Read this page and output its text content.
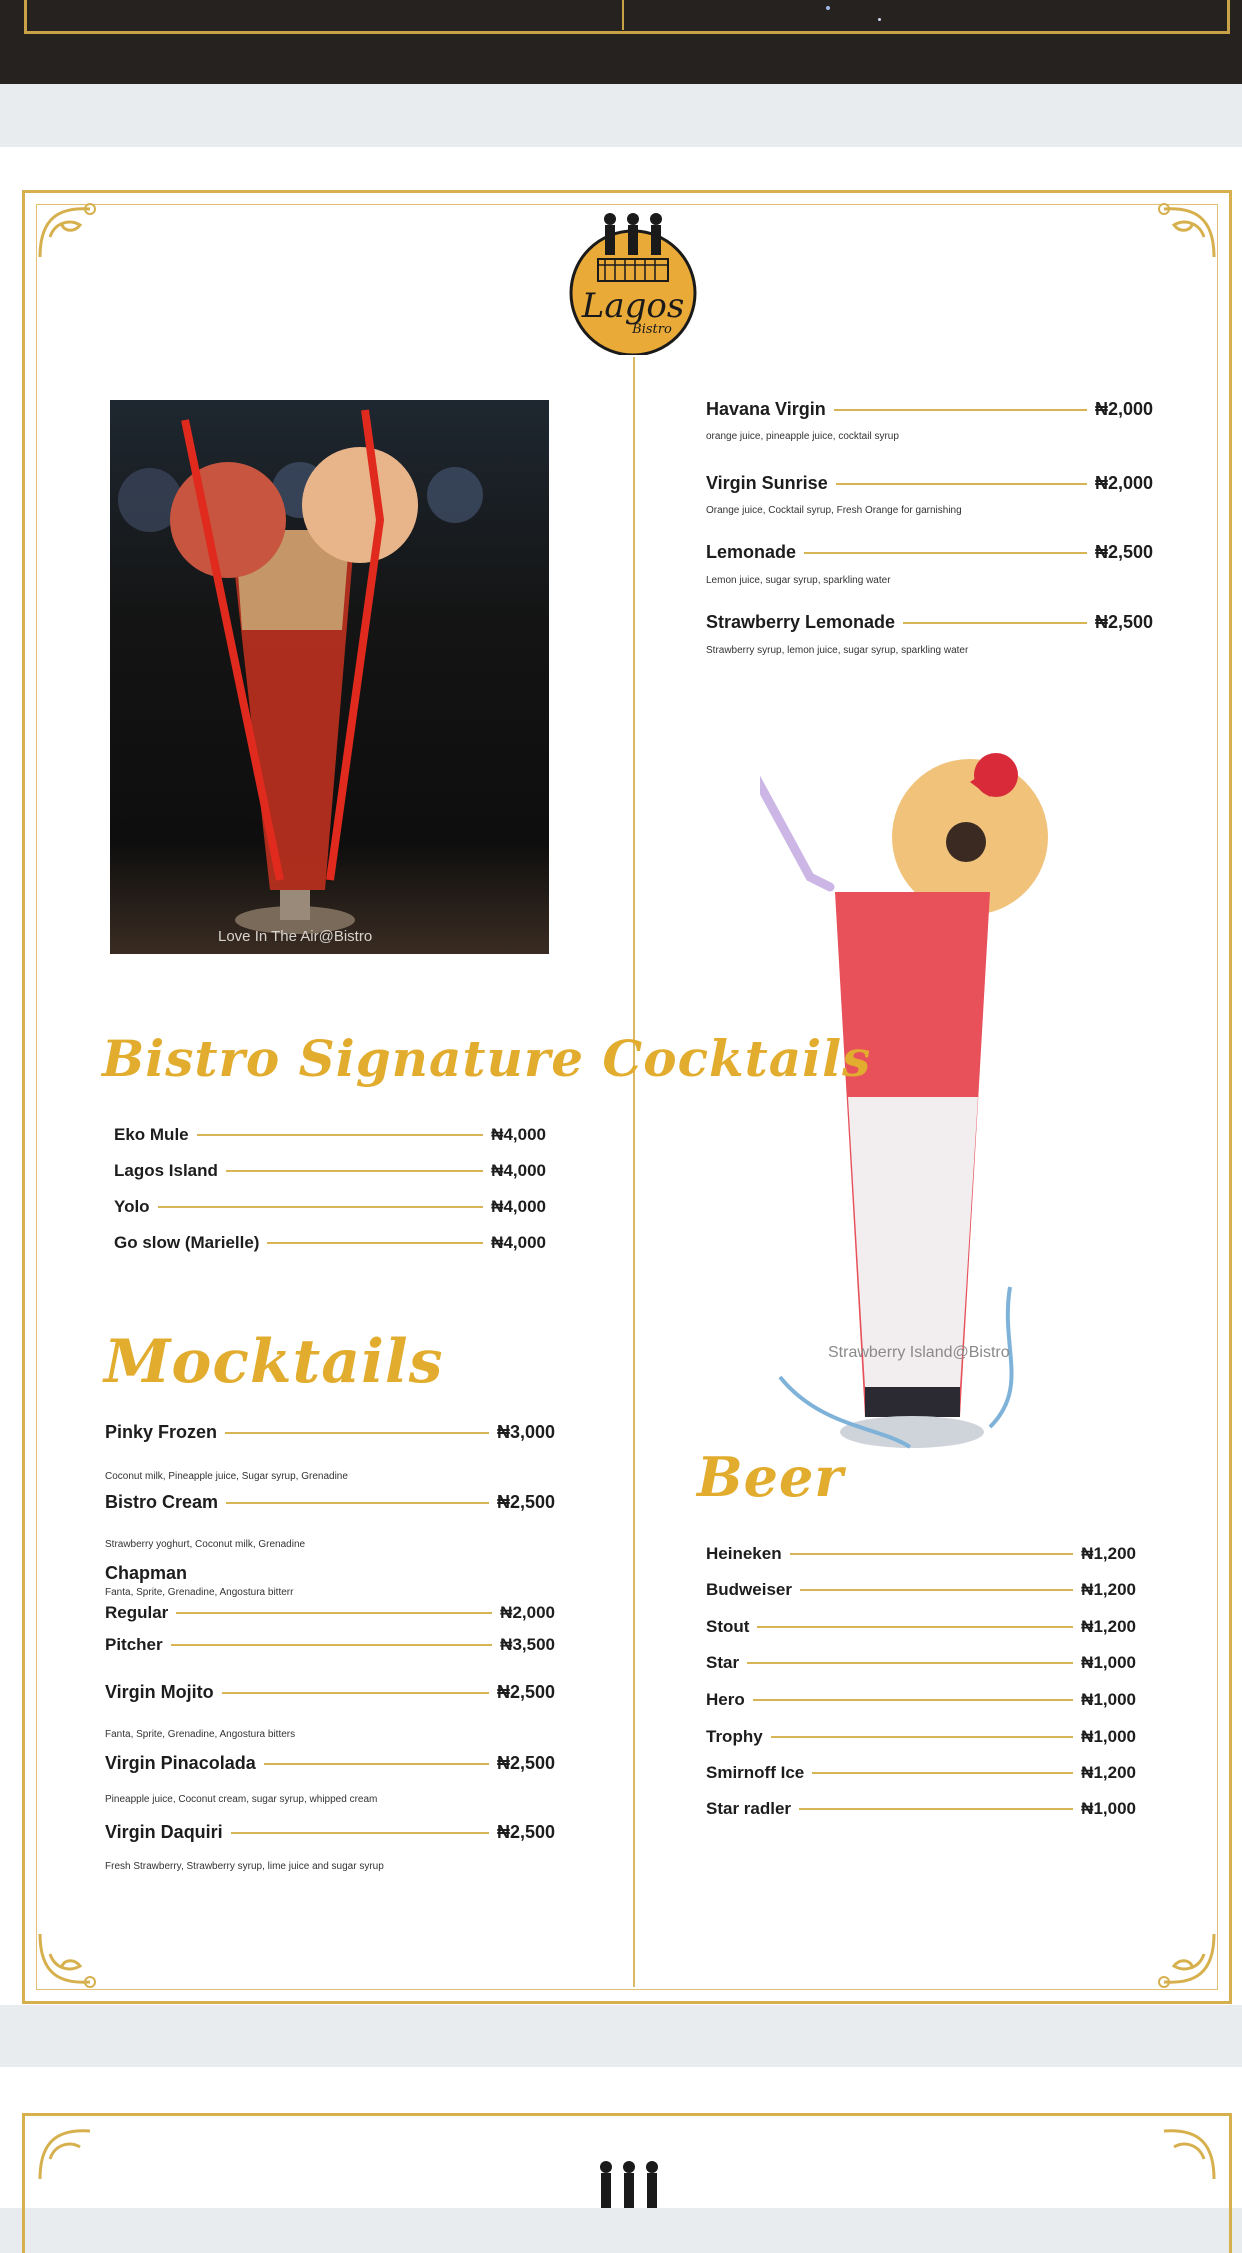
Lagos
Bistro
Love In The Air@Bistro
Havana Virgin	₦2,000
orange juice, pineapple juice, cocktail syrup
Virgin Sunrise	₦2,000
Orange juice, Cocktail syrup, Fresh Orange for garnishing
Lemonade	₦2,500
Lemon juice, sugar syrup, sparkling water
Strawberry Lemonade	₦2,500
Strawberry syrup, lemon juice, sugar syrup, sparkling water
Strawberry Island@Bistro
Bistro Signature Cocktails
Eko Mule	₦4,000
Lagos Island	₦4,000
Yolo	₦4,000
Go slow (Marielle)	₦4,000
Mocktails
Pinky Frozen	₦3,000
Coconut milk, Pineapple juice, Sugar syrup, Grenadine
Bistro Cream	₦2,500
Strawberry yoghurt, Coconut milk, Grenadine
Chapman
Fanta, Sprite, Grenadine, Angostura bitterr
Regular	₦2,000
Pitcher	₦3,500
Virgin Mojito	₦2,500
Fanta, Sprite, Grenadine, Angostura bitters
Virgin Pinacolada	₦2,500
Pineapple juice, Coconut cream, sugar syrup, whipped cream
Virgin Daquiri	₦2,500
Fresh Strawberry, Strawberry syrup, lime juice and sugar syrup
Beer
Heineken	₦1,200
Budweiser	₦1,200
Stout	₦1,200
Star	₦1,000
Hero	₦1,000
Trophy	₦1,000
Smirnoff Ice	₦1,200
Star radler	₦1,000
